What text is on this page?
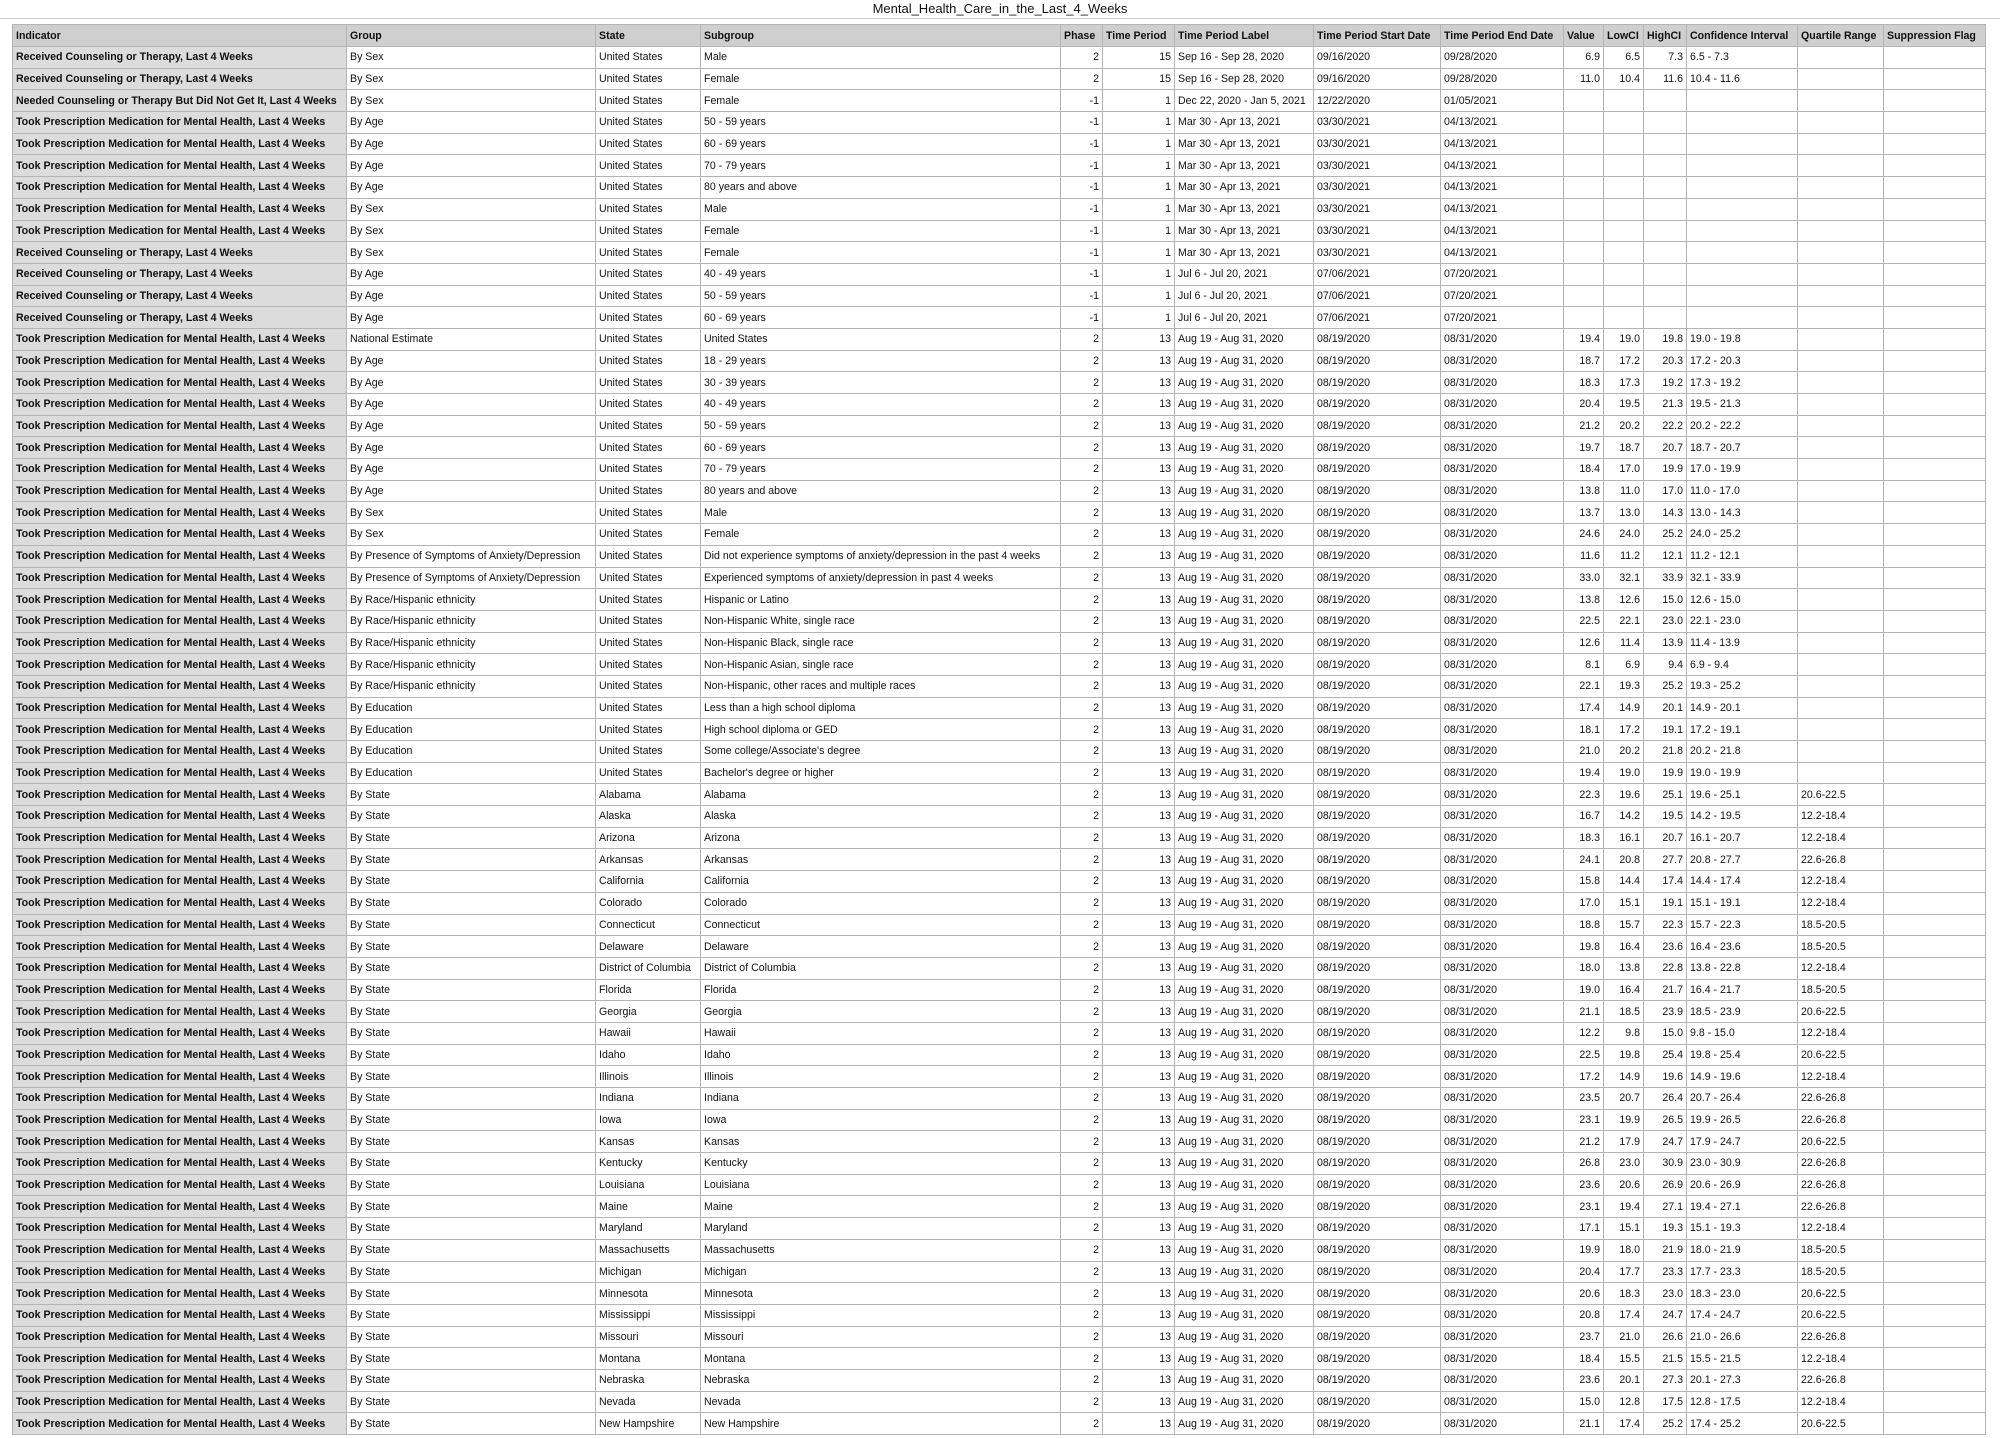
Mental_Health_Care_in_the_Last_4_Weeks
Indicator	Group	State	Subgroup	Phase	Time Period	Time Period Label	Time Period Start Date	Time Period End Date	Value	LowCI	HighCI	Confidence Interval	Quartile Range	Suppression Flag
Received Counseling or Therapy, Last 4 Weeks	By Sex	United States	Male	2	15	Sep 16 - Sep 28, 2020	09/16/2020	09/28/2020	6.9	6.5	7.3	6.5 - 7.3		
Received Counseling or Therapy, Last 4 Weeks	By Sex	United States	Female	2	15	Sep 16 - Sep 28, 2020	09/16/2020	09/28/2020	11.0	10.4	11.6	10.4 - 11.6		
Needed Counseling or Therapy But Did Not Get It, Last 4 Weeks	By Sex	United States	Female	-1	1	Dec 22, 2020 - Jan 5, 2021	12/22/2020	01/05/2021						
Took Prescription Medication for Mental Health, Last 4 Weeks	By Age	United States	50 - 59 years	-1	1	Mar 30 - Apr 13, 2021	03/30/2021	04/13/2021						
Took Prescription Medication for Mental Health, Last 4 Weeks	By Age	United States	60 - 69 years	-1	1	Mar 30 - Apr 13, 2021	03/30/2021	04/13/2021						
Took Prescription Medication for Mental Health, Last 4 Weeks	By Age	United States	70 - 79 years	-1	1	Mar 30 - Apr 13, 2021	03/30/2021	04/13/2021						
Took Prescription Medication for Mental Health, Last 4 Weeks	By Age	United States	80 years and above	-1	1	Mar 30 - Apr 13, 2021	03/30/2021	04/13/2021						
Took Prescription Medication for Mental Health, Last 4 Weeks	By Sex	United States	Male	-1	1	Mar 30 - Apr 13, 2021	03/30/2021	04/13/2021						
Took Prescription Medication for Mental Health, Last 4 Weeks	By Sex	United States	Female	-1	1	Mar 30 - Apr 13, 2021	03/30/2021	04/13/2021						
Received Counseling or Therapy, Last 4 Weeks	By Sex	United States	Female	-1	1	Mar 30 - Apr 13, 2021	03/30/2021	04/13/2021						
Received Counseling or Therapy, Last 4 Weeks	By Age	United States	40 - 49 years	-1	1	Jul 6 - Jul 20, 2021	07/06/2021	07/20/2021						
Received Counseling or Therapy, Last 4 Weeks	By Age	United States	50 - 59 years	-1	1	Jul 6 - Jul 20, 2021	07/06/2021	07/20/2021						
Received Counseling or Therapy, Last 4 Weeks	By Age	United States	60 - 69 years	-1	1	Jul 6 - Jul 20, 2021	07/06/2021	07/20/2021						
Took Prescription Medication for Mental Health, Last 4 Weeks	National Estimate	United States	United States	2	13	Aug 19 - Aug 31, 2020	08/19/2020	08/31/2020	19.4	19.0	19.8	19.0 - 19.8		
Took Prescription Medication for Mental Health, Last 4 Weeks	By Age	United States	18 - 29 years	2	13	Aug 19 - Aug 31, 2020	08/19/2020	08/31/2020	18.7	17.2	20.3	17.2 - 20.3		
Took Prescription Medication for Mental Health, Last 4 Weeks	By Age	United States	30 - 39 years	2	13	Aug 19 - Aug 31, 2020	08/19/2020	08/31/2020	18.3	17.3	19.2	17.3 - 19.2		
Took Prescription Medication for Mental Health, Last 4 Weeks	By Age	United States	40 - 49 years	2	13	Aug 19 - Aug 31, 2020	08/19/2020	08/31/2020	20.4	19.5	21.3	19.5 - 21.3		
Took Prescription Medication for Mental Health, Last 4 Weeks	By Age	United States	50 - 59 years	2	13	Aug 19 - Aug 31, 2020	08/19/2020	08/31/2020	21.2	20.2	22.2	20.2 - 22.2		
Took Prescription Medication for Mental Health, Last 4 Weeks	By Age	United States	60 - 69 years	2	13	Aug 19 - Aug 31, 2020	08/19/2020	08/31/2020	19.7	18.7	20.7	18.7 - 20.7		
Took Prescription Medication for Mental Health, Last 4 Weeks	By Age	United States	70 - 79 years	2	13	Aug 19 - Aug 31, 2020	08/19/2020	08/31/2020	18.4	17.0	19.9	17.0 - 19.9		
Took Prescription Medication for Mental Health, Last 4 Weeks	By Age	United States	80 years and above	2	13	Aug 19 - Aug 31, 2020	08/19/2020	08/31/2020	13.8	11.0	17.0	11.0 - 17.0		
Took Prescription Medication for Mental Health, Last 4 Weeks	By Sex	United States	Male	2	13	Aug 19 - Aug 31, 2020	08/19/2020	08/31/2020	13.7	13.0	14.3	13.0 - 14.3		
Took Prescription Medication for Mental Health, Last 4 Weeks	By Sex	United States	Female	2	13	Aug 19 - Aug 31, 2020	08/19/2020	08/31/2020	24.6	24.0	25.2	24.0 - 25.2		
Took Prescription Medication for Mental Health, Last 4 Weeks	By Presence of Symptoms of Anxiety/Depression	United States	Did not experience symptoms of anxiety/depression in the past 4 weeks	2	13	Aug 19 - Aug 31, 2020	08/19/2020	08/31/2020	11.6	11.2	12.1	11.2 - 12.1		
Took Prescription Medication for Mental Health, Last 4 Weeks	By Presence of Symptoms of Anxiety/Depression	United States	Experienced symptoms of anxiety/depression in past 4 weeks	2	13	Aug 19 - Aug 31, 2020	08/19/2020	08/31/2020	33.0	32.1	33.9	32.1 - 33.9		
Took Prescription Medication for Mental Health, Last 4 Weeks	By Race/Hispanic ethnicity	United States	Hispanic or Latino	2	13	Aug 19 - Aug 31, 2020	08/19/2020	08/31/2020	13.8	12.6	15.0	12.6 - 15.0		
Took Prescription Medication for Mental Health, Last 4 Weeks	By Race/Hispanic ethnicity	United States	Non-Hispanic White, single race	2	13	Aug 19 - Aug 31, 2020	08/19/2020	08/31/2020	22.5	22.1	23.0	22.1 - 23.0		
Took Prescription Medication for Mental Health, Last 4 Weeks	By Race/Hispanic ethnicity	United States	Non-Hispanic Black, single race	2	13	Aug 19 - Aug 31, 2020	08/19/2020	08/31/2020	12.6	11.4	13.9	11.4 - 13.9		
Took Prescription Medication for Mental Health, Last 4 Weeks	By Race/Hispanic ethnicity	United States	Non-Hispanic Asian, single race	2	13	Aug 19 - Aug 31, 2020	08/19/2020	08/31/2020	8.1	6.9	9.4	6.9 - 9.4		
Took Prescription Medication for Mental Health, Last 4 Weeks	By Race/Hispanic ethnicity	United States	Non-Hispanic, other races and multiple races	2	13	Aug 19 - Aug 31, 2020	08/19/2020	08/31/2020	22.1	19.3	25.2	19.3 - 25.2		
Took Prescription Medication for Mental Health, Last 4 Weeks	By Education	United States	Less than a high school diploma	2	13	Aug 19 - Aug 31, 2020	08/19/2020	08/31/2020	17.4	14.9	20.1	14.9 - 20.1		
Took Prescription Medication for Mental Health, Last 4 Weeks	By Education	United States	High school diploma or GED	2	13	Aug 19 - Aug 31, 2020	08/19/2020	08/31/2020	18.1	17.2	19.1	17.2 - 19.1		
Took Prescription Medication for Mental Health, Last 4 Weeks	By Education	United States	Some college/Associate's degree	2	13	Aug 19 - Aug 31, 2020	08/19/2020	08/31/2020	21.0	20.2	21.8	20.2 - 21.8		
Took Prescription Medication for Mental Health, Last 4 Weeks	By Education	United States	Bachelor's degree or higher	2	13	Aug 19 - Aug 31, 2020	08/19/2020	08/31/2020	19.4	19.0	19.9	19.0 - 19.9		
Took Prescription Medication for Mental Health, Last 4 Weeks	By State	Alabama	Alabama	2	13	Aug 19 - Aug 31, 2020	08/19/2020	08/31/2020	22.3	19.6	25.1	19.6 - 25.1	20.6-22.5	
Took Prescription Medication for Mental Health, Last 4 Weeks	By State	Alaska	Alaska	2	13	Aug 19 - Aug 31, 2020	08/19/2020	08/31/2020	16.7	14.2	19.5	14.2 - 19.5	12.2-18.4	
Took Prescription Medication for Mental Health, Last 4 Weeks	By State	Arizona	Arizona	2	13	Aug 19 - Aug 31, 2020	08/19/2020	08/31/2020	18.3	16.1	20.7	16.1 - 20.7	12.2-18.4	
Took Prescription Medication for Mental Health, Last 4 Weeks	By State	Arkansas	Arkansas	2	13	Aug 19 - Aug 31, 2020	08/19/2020	08/31/2020	24.1	20.8	27.7	20.8 - 27.7	22.6-26.8	
Took Prescription Medication for Mental Health, Last 4 Weeks	By State	California	California	2	13	Aug 19 - Aug 31, 2020	08/19/2020	08/31/2020	15.8	14.4	17.4	14.4 - 17.4	12.2-18.4	
Took Prescription Medication for Mental Health, Last 4 Weeks	By State	Colorado	Colorado	2	13	Aug 19 - Aug 31, 2020	08/19/2020	08/31/2020	17.0	15.1	19.1	15.1 - 19.1	12.2-18.4	
Took Prescription Medication for Mental Health, Last 4 Weeks	By State	Connecticut	Connecticut	2	13	Aug 19 - Aug 31, 2020	08/19/2020	08/31/2020	18.8	15.7	22.3	15.7 - 22.3	18.5-20.5	
Took Prescription Medication for Mental Health, Last 4 Weeks	By State	Delaware	Delaware	2	13	Aug 19 - Aug 31, 2020	08/19/2020	08/31/2020	19.8	16.4	23.6	16.4 - 23.6	18.5-20.5	
Took Prescription Medication for Mental Health, Last 4 Weeks	By State	District of Columbia	District of Columbia	2	13	Aug 19 - Aug 31, 2020	08/19/2020	08/31/2020	18.0	13.8	22.8	13.8 - 22.8	12.2-18.4	
Took Prescription Medication for Mental Health, Last 4 Weeks	By State	Florida	Florida	2	13	Aug 19 - Aug 31, 2020	08/19/2020	08/31/2020	19.0	16.4	21.7	16.4 - 21.7	18.5-20.5	
Took Prescription Medication for Mental Health, Last 4 Weeks	By State	Georgia	Georgia	2	13	Aug 19 - Aug 31, 2020	08/19/2020	08/31/2020	21.1	18.5	23.9	18.5 - 23.9	20.6-22.5	
Took Prescription Medication for Mental Health, Last 4 Weeks	By State	Hawaii	Hawaii	2	13	Aug 19 - Aug 31, 2020	08/19/2020	08/31/2020	12.2	9.8	15.0	9.8 - 15.0	12.2-18.4	
Took Prescription Medication for Mental Health, Last 4 Weeks	By State	Idaho	Idaho	2	13	Aug 19 - Aug 31, 2020	08/19/2020	08/31/2020	22.5	19.8	25.4	19.8 - 25.4	20.6-22.5	
Took Prescription Medication for Mental Health, Last 4 Weeks	By State	Illinois	Illinois	2	13	Aug 19 - Aug 31, 2020	08/19/2020	08/31/2020	17.2	14.9	19.6	14.9 - 19.6	12.2-18.4	
Took Prescription Medication for Mental Health, Last 4 Weeks	By State	Indiana	Indiana	2	13	Aug 19 - Aug 31, 2020	08/19/2020	08/31/2020	23.5	20.7	26.4	20.7 - 26.4	22.6-26.8	
Took Prescription Medication for Mental Health, Last 4 Weeks	By State	Iowa	Iowa	2	13	Aug 19 - Aug 31, 2020	08/19/2020	08/31/2020	23.1	19.9	26.5	19.9 - 26.5	22.6-26.8	
Took Prescription Medication for Mental Health, Last 4 Weeks	By State	Kansas	Kansas	2	13	Aug 19 - Aug 31, 2020	08/19/2020	08/31/2020	21.2	17.9	24.7	17.9 - 24.7	20.6-22.5	
Took Prescription Medication for Mental Health, Last 4 Weeks	By State	Kentucky	Kentucky	2	13	Aug 19 - Aug 31, 2020	08/19/2020	08/31/2020	26.8	23.0	30.9	23.0 - 30.9	22.6-26.8	
Took Prescription Medication for Mental Health, Last 4 Weeks	By State	Louisiana	Louisiana	2	13	Aug 19 - Aug 31, 2020	08/19/2020	08/31/2020	23.6	20.6	26.9	20.6 - 26.9	22.6-26.8	
Took Prescription Medication for Mental Health, Last 4 Weeks	By State	Maine	Maine	2	13	Aug 19 - Aug 31, 2020	08/19/2020	08/31/2020	23.1	19.4	27.1	19.4 - 27.1	22.6-26.8	
Took Prescription Medication for Mental Health, Last 4 Weeks	By State	Maryland	Maryland	2	13	Aug 19 - Aug 31, 2020	08/19/2020	08/31/2020	17.1	15.1	19.3	15.1 - 19.3	12.2-18.4	
Took Prescription Medication for Mental Health, Last 4 Weeks	By State	Massachusetts	Massachusetts	2	13	Aug 19 - Aug 31, 2020	08/19/2020	08/31/2020	19.9	18.0	21.9	18.0 - 21.9	18.5-20.5	
Took Prescription Medication for Mental Health, Last 4 Weeks	By State	Michigan	Michigan	2	13	Aug 19 - Aug 31, 2020	08/19/2020	08/31/2020	20.4	17.7	23.3	17.7 - 23.3	18.5-20.5	
Took Prescription Medication for Mental Health, Last 4 Weeks	By State	Minnesota	Minnesota	2	13	Aug 19 - Aug 31, 2020	08/19/2020	08/31/2020	20.6	18.3	23.0	18.3 - 23.0	20.6-22.5	
Took Prescription Medication for Mental Health, Last 4 Weeks	By State	Mississippi	Mississippi	2	13	Aug 19 - Aug 31, 2020	08/19/2020	08/31/2020	20.8	17.4	24.7	17.4 - 24.7	20.6-22.5	
Took Prescription Medication for Mental Health, Last 4 Weeks	By State	Missouri	Missouri	2	13	Aug 19 - Aug 31, 2020	08/19/2020	08/31/2020	23.7	21.0	26.6	21.0 - 26.6	22.6-26.8	
Took Prescription Medication for Mental Health, Last 4 Weeks	By State	Montana	Montana	2	13	Aug 19 - Aug 31, 2020	08/19/2020	08/31/2020	18.4	15.5	21.5	15.5 - 21.5	12.2-18.4	
Took Prescription Medication for Mental Health, Last 4 Weeks	By State	Nebraska	Nebraska	2	13	Aug 19 - Aug 31, 2020	08/19/2020	08/31/2020	23.6	20.1	27.3	20.1 - 27.3	22.6-26.8	
Took Prescription Medication for Mental Health, Last 4 Weeks	By State	Nevada	Nevada	2	13	Aug 19 - Aug 31, 2020	08/19/2020	08/31/2020	15.0	12.8	17.5	12.8 - 17.5	12.2-18.4	
Took Prescription Medication for Mental Health, Last 4 Weeks	By State	New Hampshire	New Hampshire	2	13	Aug 19 - Aug 31, 2020	08/19/2020	08/31/2020	21.1	17.4	25.2	17.4 - 25.2	20.6-22.5	
